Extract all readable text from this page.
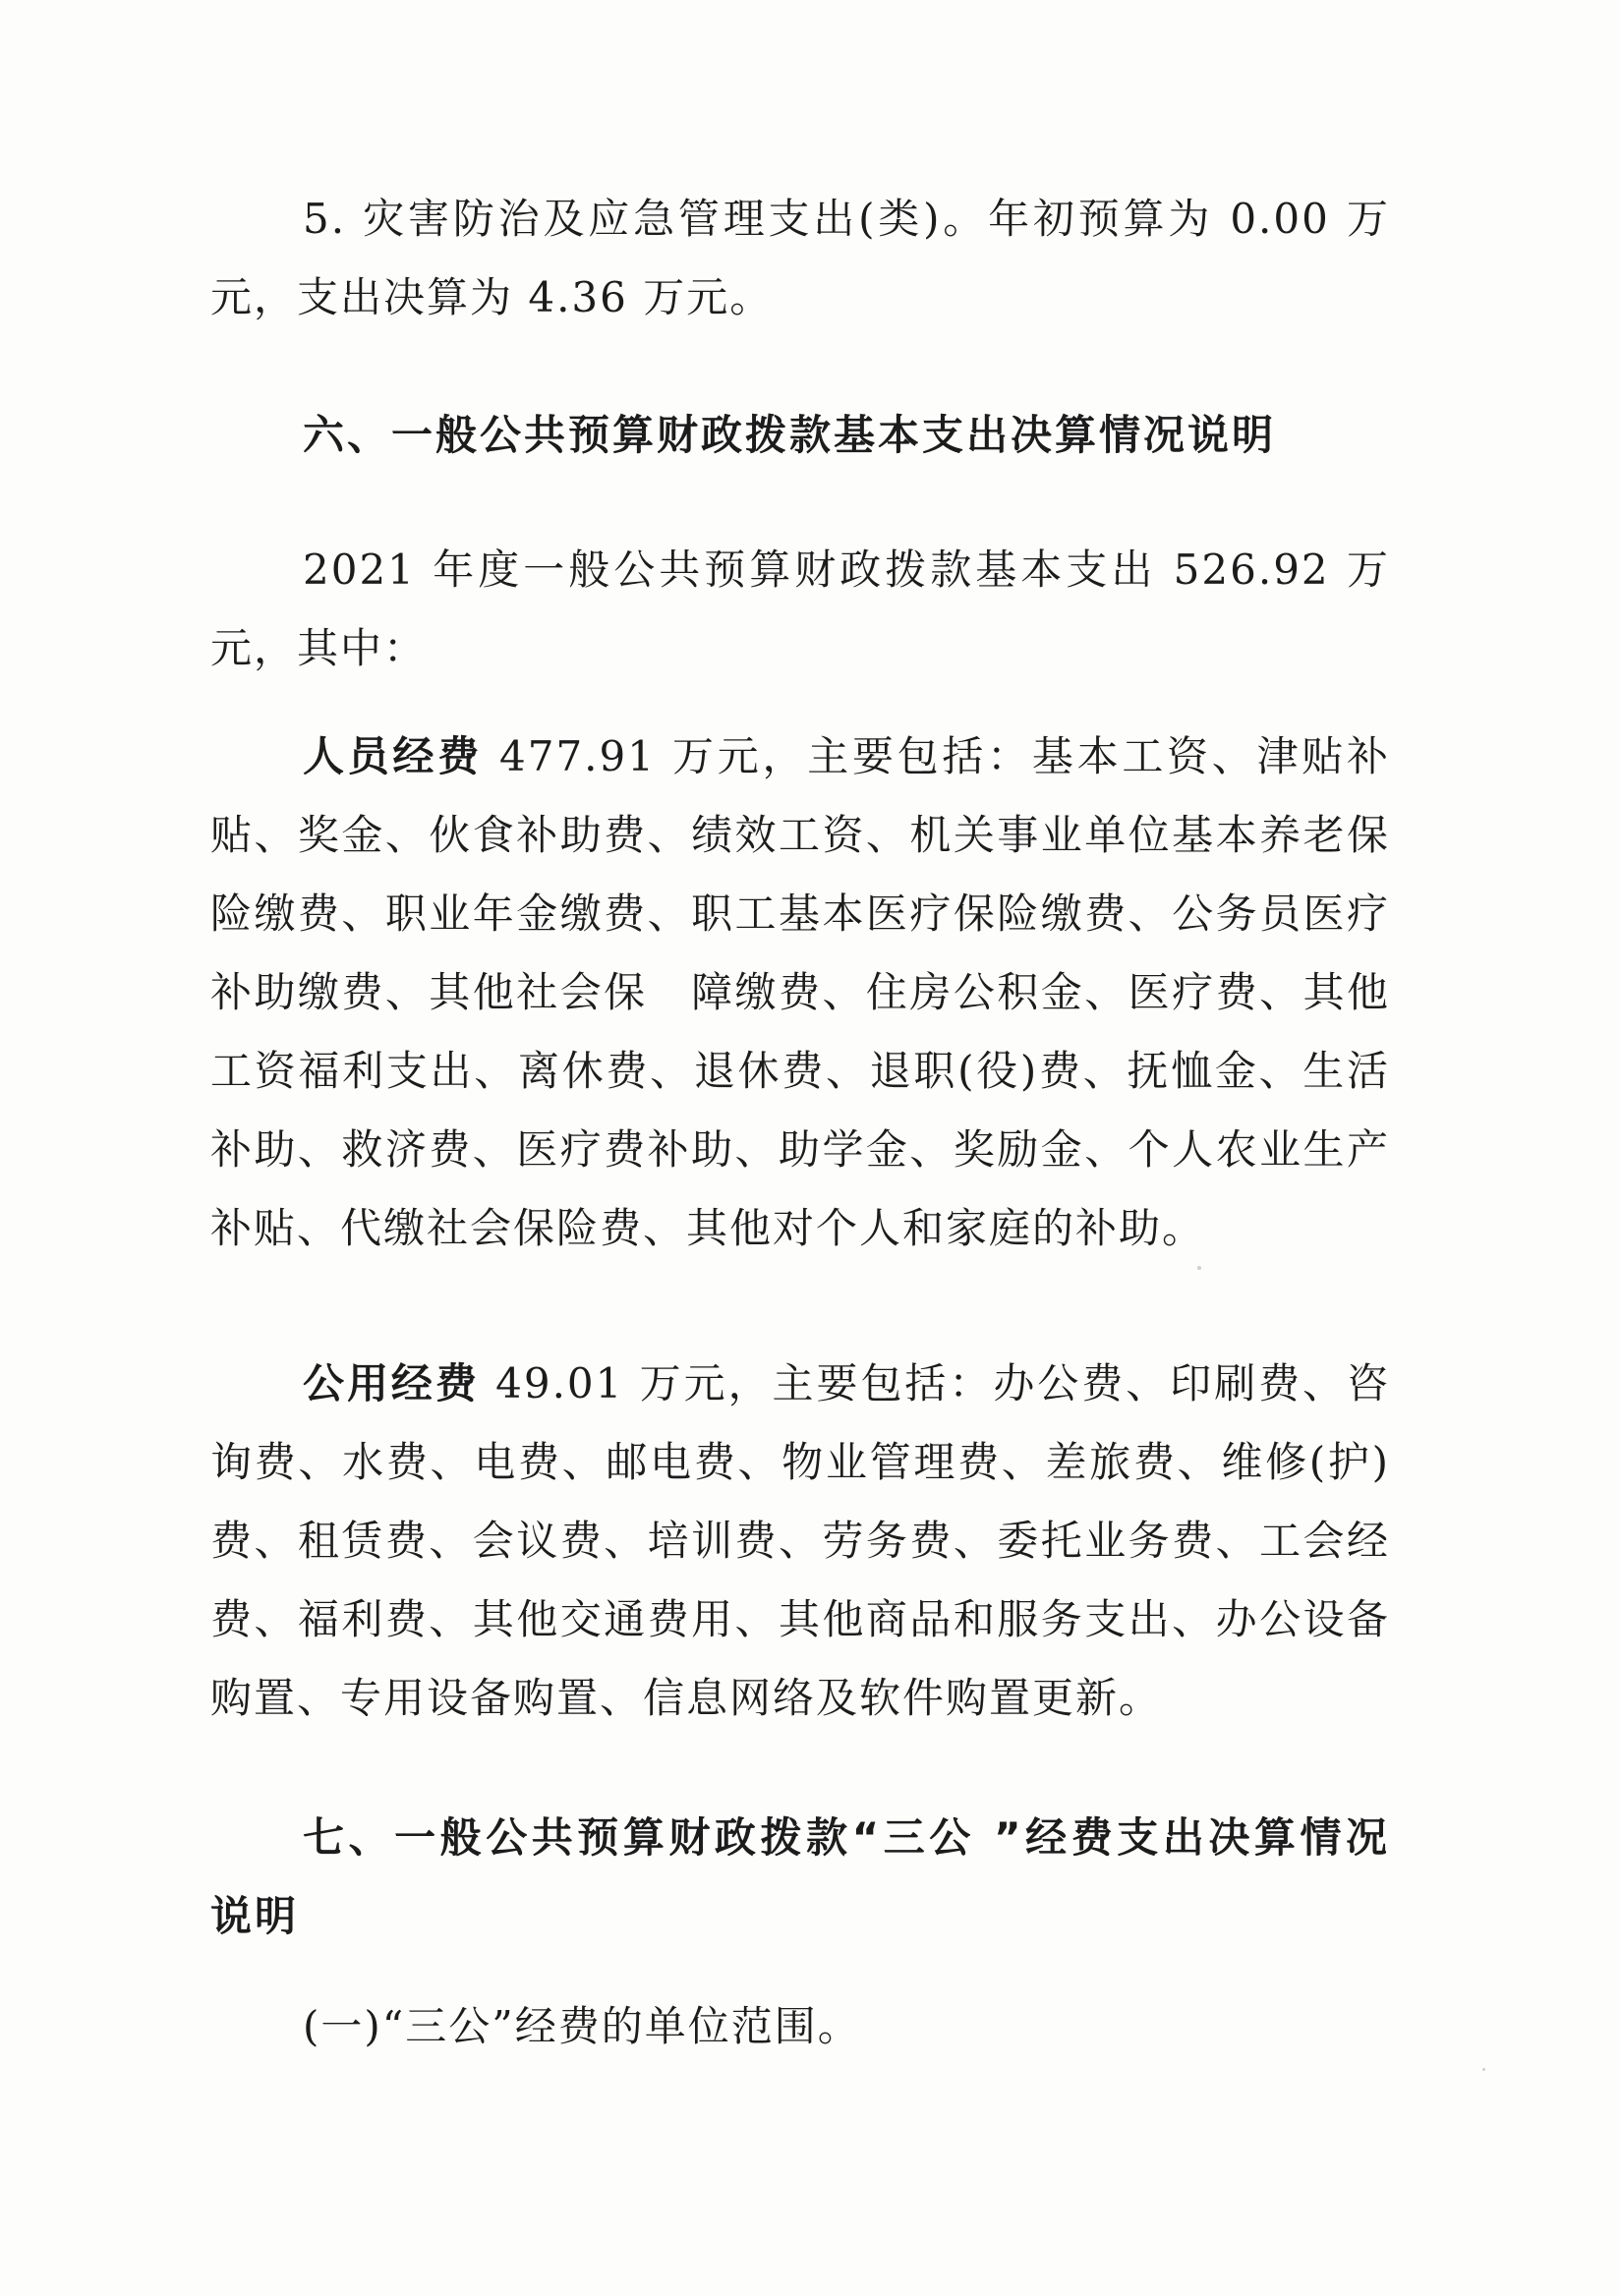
5. 灾害防治及应急管理支出(类)。年初预算为 0.00 万元，支出决算为 4.36 万元。

六、一般公共预算财政拨款基本支出决算情况说明

2021 年度一般公共预算财政拨款基本支出 526.92 万元，其中：

人员经费 477.91 万元，主要包括：基本工资、津贴补贴、奖金、伙食补助费、绩效工资、机关事业单位基本养老保险缴费、职业年金缴费、职工基本医疗保险缴费、公务员医疗补助缴费、其他社会保　障缴费、住房公积金、医疗费、其他工资福利支出、离休费、退休费、退职(役)费、抚恤金、生活补助、救济费、医疗费补助、助学金、奖励金、个人农业生产补贴、代缴社会保险费、其他对个人和家庭的补助。

公用经费 49.01 万元，主要包括：办公费、印刷费、咨询费、水费、电费、邮电费、物业管理费、差旅费、维修(护)费、租赁费、会议费、培训费、劳务费、委托业务费、工会经费、福利费、其他交通费用、其他商品和服务支出、办公设备购置、专用设备购置、信息网络及软件购置更新。

七、一般公共预算财政拨款“三公 ”经费支出决算情况说明

(一)“三公”经费的单位范围。
